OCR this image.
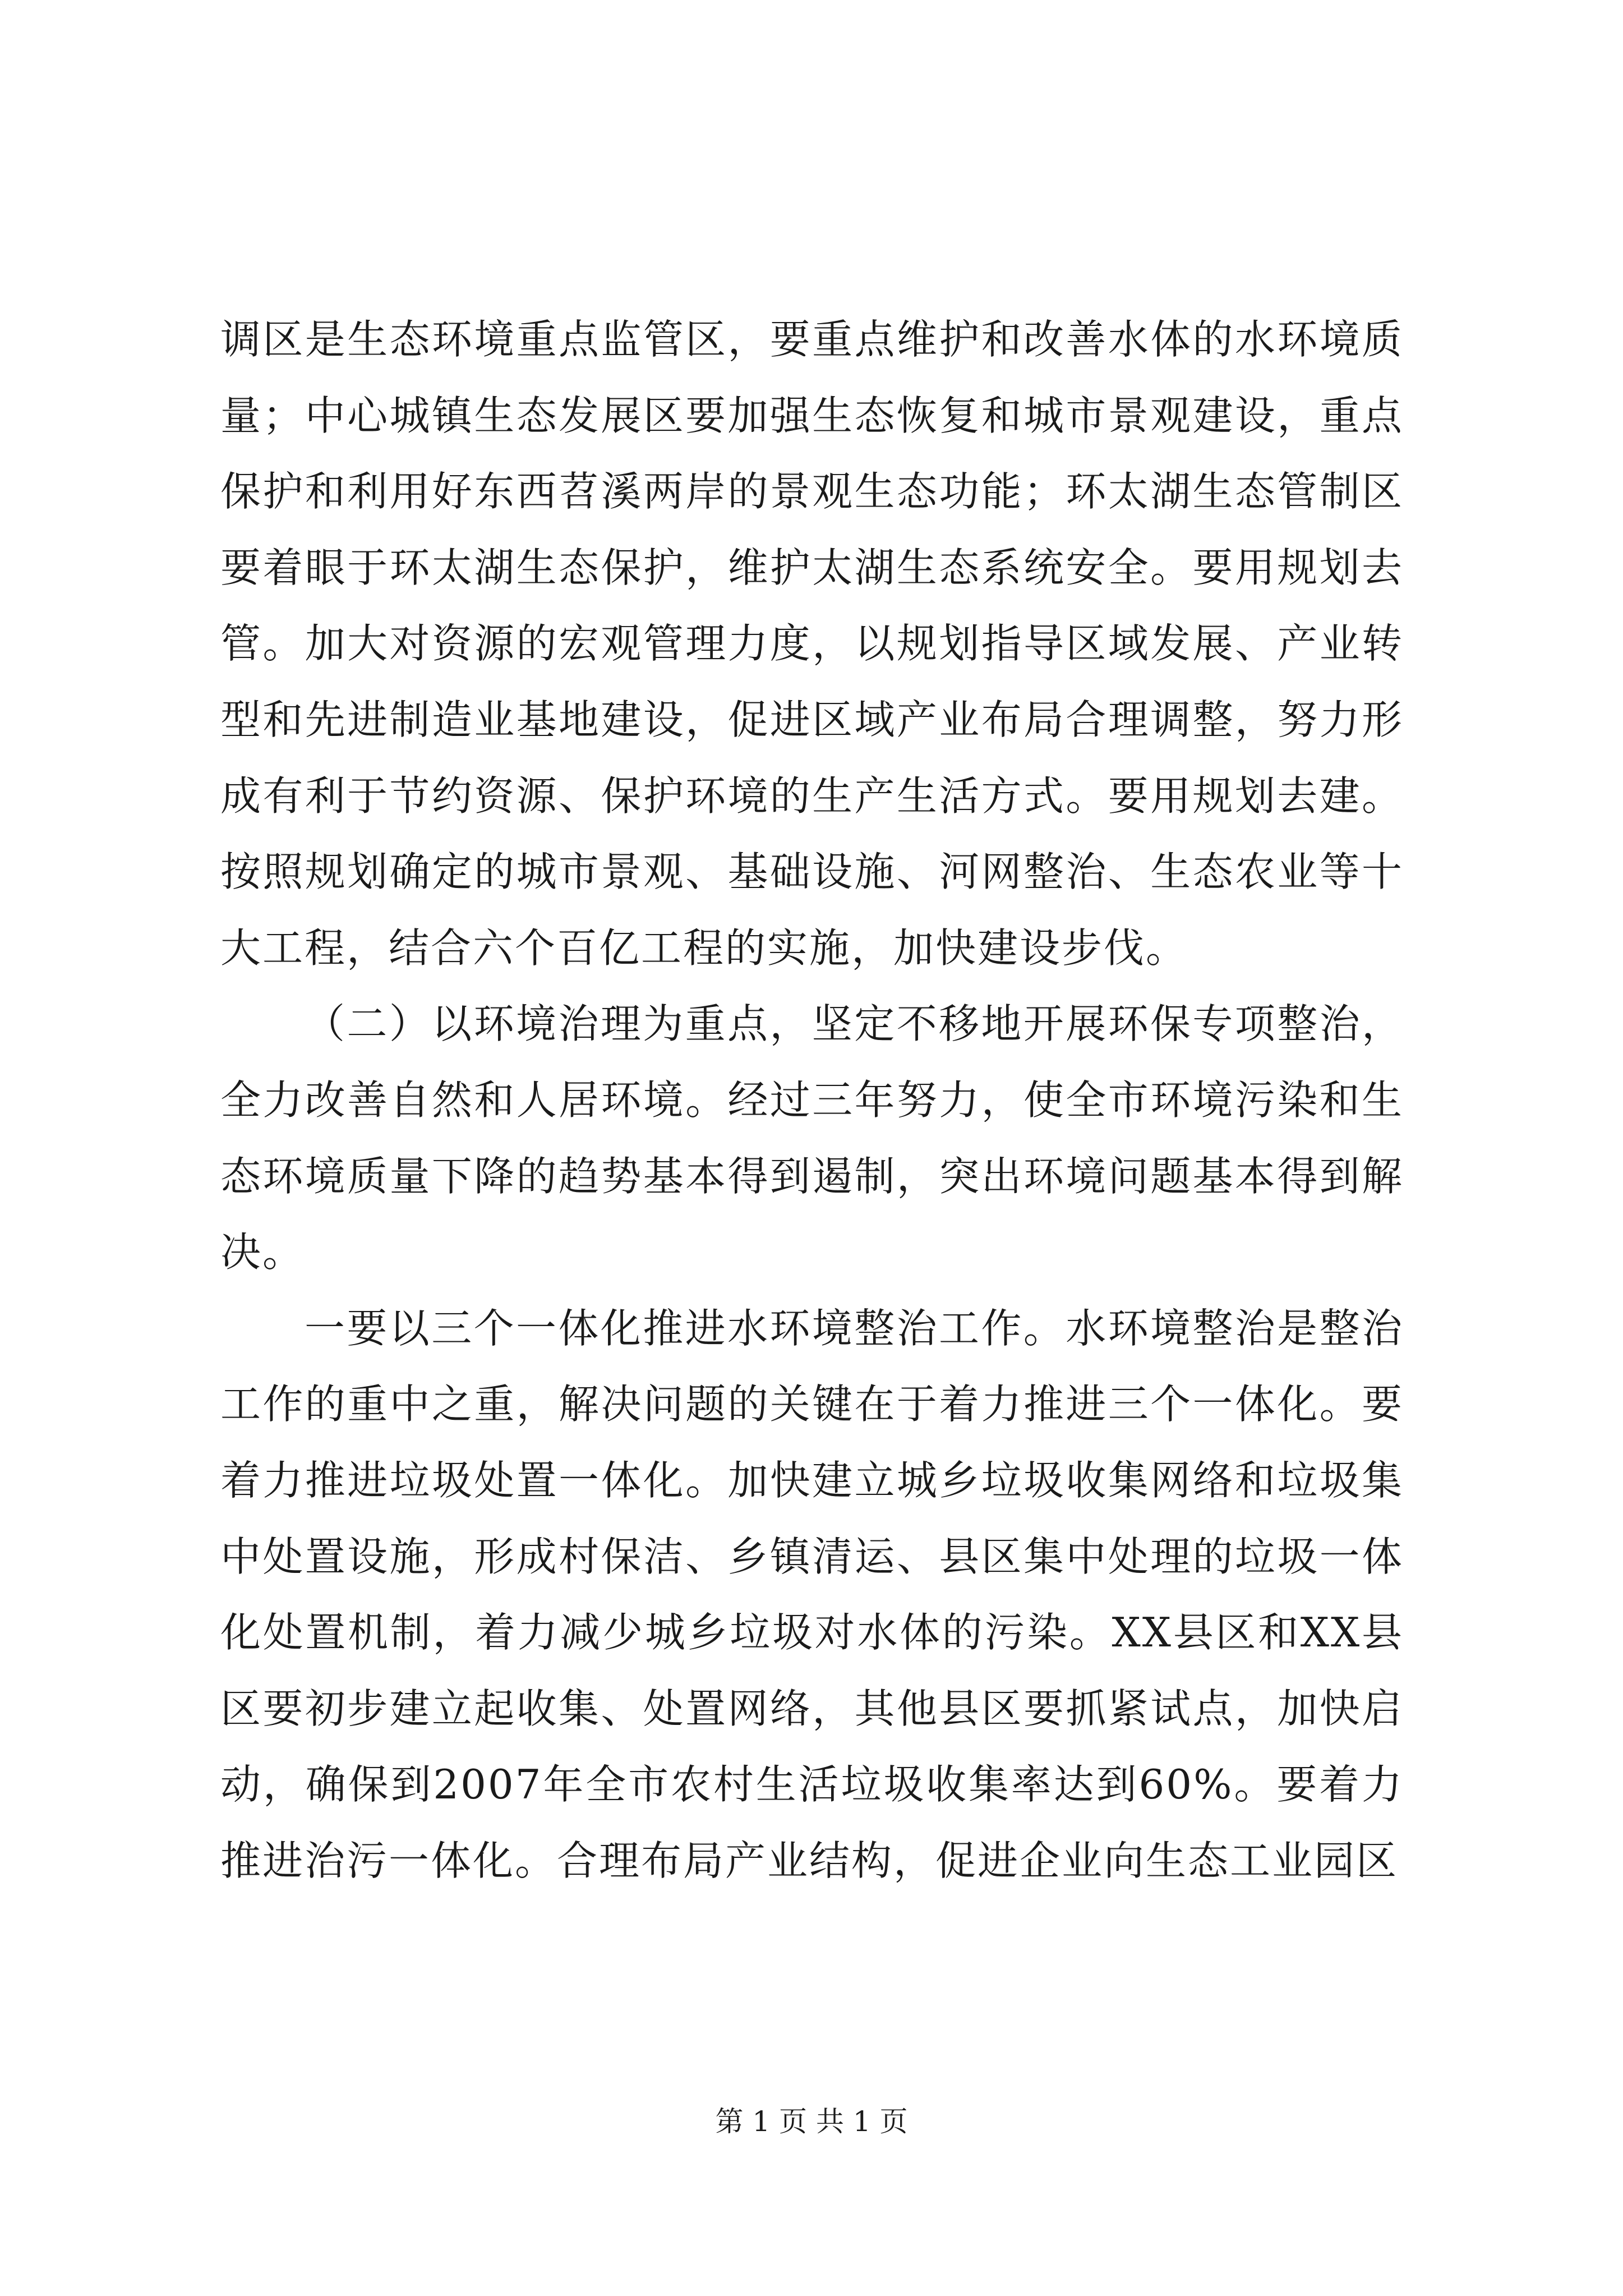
调区是生态环境重点监管区，要重点维护和改善水体的水环境质量；中心城镇生态发展区要加强生态恢复和城市景观建设，重点保护和利用好东西苕溪两岸的景观生态功能；环太湖生态管制区要着眼于环太湖生态保护，维护太湖生态系统安全。要用规划去管。加大对资源的宏观管理力度，以规划指导区域发展、产业转型和先进制造业基地建设，促进区域产业布局合理调整，努力形成有利于节约资源、保护环境的生产生活方式。要用规划去建。按照规划确定的城市景观、基础设施、河网整治、生态农业等十大工程，结合六个百亿工程的实施，加快建设步伐。

（二）以环境治理为重点，坚定不移地开展环保专项整治，全力改善自然和人居环境。经过三年努力，使全市环境污染和生态环境质量下降的趋势基本得到遏制，突出环境问题基本得到解决。

一要以三个一体化推进水环境整治工作。水环境整治是整治工作的重中之重，解决问题的关键在于着力推进三个一体化。要着力推进垃圾处置一体化。加快建立城乡垃圾收集网络和垃圾集中处置设施，形成村保洁、乡镇清运、县区集中处理的垃圾一体化处置机制，着力减少城乡垃圾对水体的污染。XX县区和XX县区要初步建立起收集、处置网络，其他县区要抓紧试点，加快启动，确保到2007年全市农村生活垃圾收集率达到60%。要着力推进治污一体化。合理布局产业结构，促进企业向生态工业园区

第 1 页 共 1 页
